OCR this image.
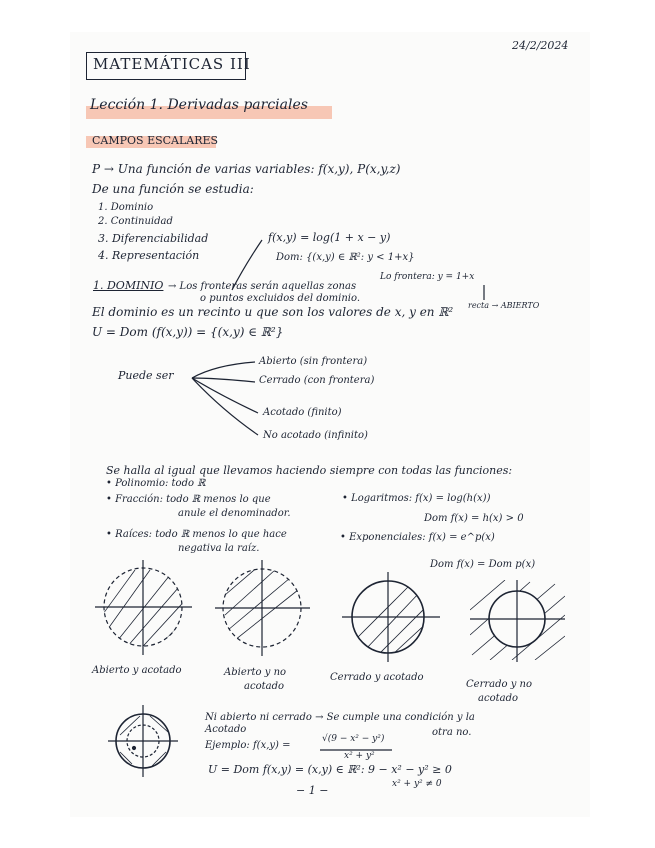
24/2/2024
MATEMÁTICAS III
Lección 1. Derivadas parciales
CAMPOS ESCALARES
P → Una función de varias variables: f(x,y), P(x,y,z)
De una función se estudia:
1. Dominio
2. Continuidad
3. Diferenciabilidad
4. Representación
f(x,y) = log(1 + x − y)
Dom: {(x,y) ∈ ℝ²: y < 1+x}
Lo frontera: y = 1+x
recta → ABIERTO
1. DOMINIO → Los fronteras serán aquellas zonas
o puntos excluidos del dominio.
El dominio es un recinto u que son los valores de x, y en ℝ²
U = Dom (f(x,y)) = {(x,y) ∈ ℝ²}
Puede ser
Abierto (sin frontera)
Cerrado (con frontera)
Acotado (finito)
No acotado (infinito)
Se halla al igual que llevamos haciendo siempre con todas las funciones:
• Polinomio: todo ℝ
• Fracción: todo ℝ menos lo que
anule el denominador.
• Raíces: todo ℝ menos lo que hace
negativa la raíz.
• Logaritmos: f(x) = log(h(x))
Dom f(x) = h(x) > 0
• Exponenciales: f(x) = e^p(x)
Dom f(x) = Dom p(x)
Abierto y acotado	Abierto y no
acotado
Cerrado y acotado
Cerrado y no
acotado
Ni abierto ni cerrado → Se cumple una condición y la
Acotado	otra no.
Ejemplo: f(x,y) =
√(9 − x² − y²)
x² + y²
U = Dom f(x,y) = (x,y) ∈ ℝ²: 9 − x² − y² ≥ 0
x² + y² ≠ 0
− 1 −
